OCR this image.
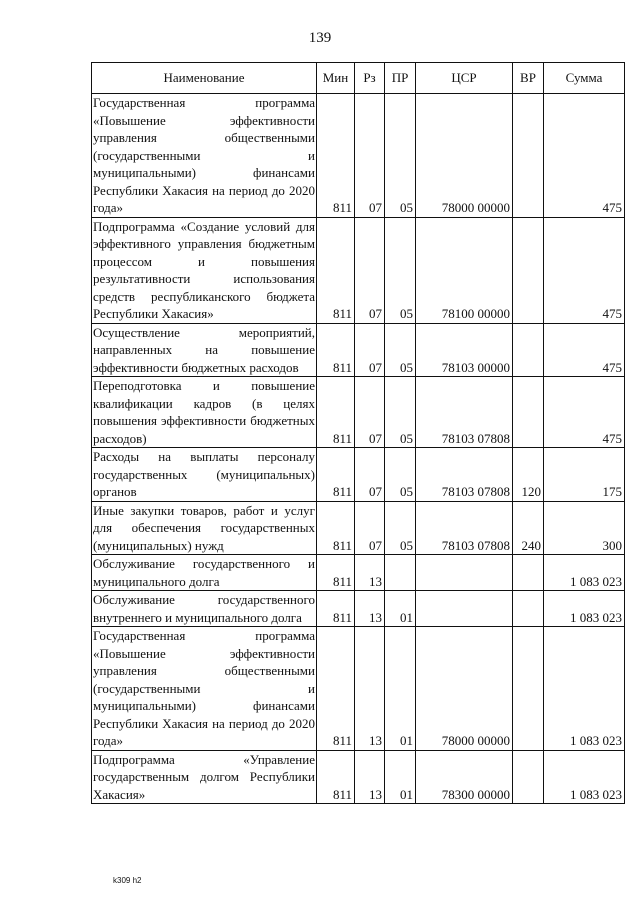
139
Наименование	Мин	Рз	ПР	ЦСР	ВР	Сумма
Государственная программа «Повышение эффективности управления общественными (государственными и муниципальными) финансами Республики Хакасия на период до 2020 года»	811	07	05	78000 00000		475
Подпрограмма «Создание условий для эффективного управления бюджетным процессом и повышения результативности использования средств республиканского бюджета Республики Хакасия»	811	07	05	78100 00000		475
Осуществление мероприятий, направленных на повышение эффективности бюджетных расходов	811	07	05	78103 00000		475
Переподготовка и повышение квалификации кадров (в целях повышения эффективности бюджетных расходов)	811	07	05	78103 07808		475
Расходы на выплаты персоналу государственных (муниципальных) органов	811	07	05	78103 07808	120	175
Иные закупки товаров, работ и услуг для обеспечения государственных (муниципальных) нужд	811	07	05	78103 07808	240	300
Обслуживание государственного и муниципального долга	811	13				1 083 023
Обслуживание государственного внутреннего и муниципального долга	811	13	01			1 083 023
Государственная программа «Повышение эффективности управления общественными (государственными и муниципальными) финансами Республики Хакасия на период до 2020 года»	811	13	01	78000 00000		1 083 023
Подпрограмма «Управление государственным долгом Республики Хакасия»	811	13	01	78300 00000		1 083 023
k309 h2
